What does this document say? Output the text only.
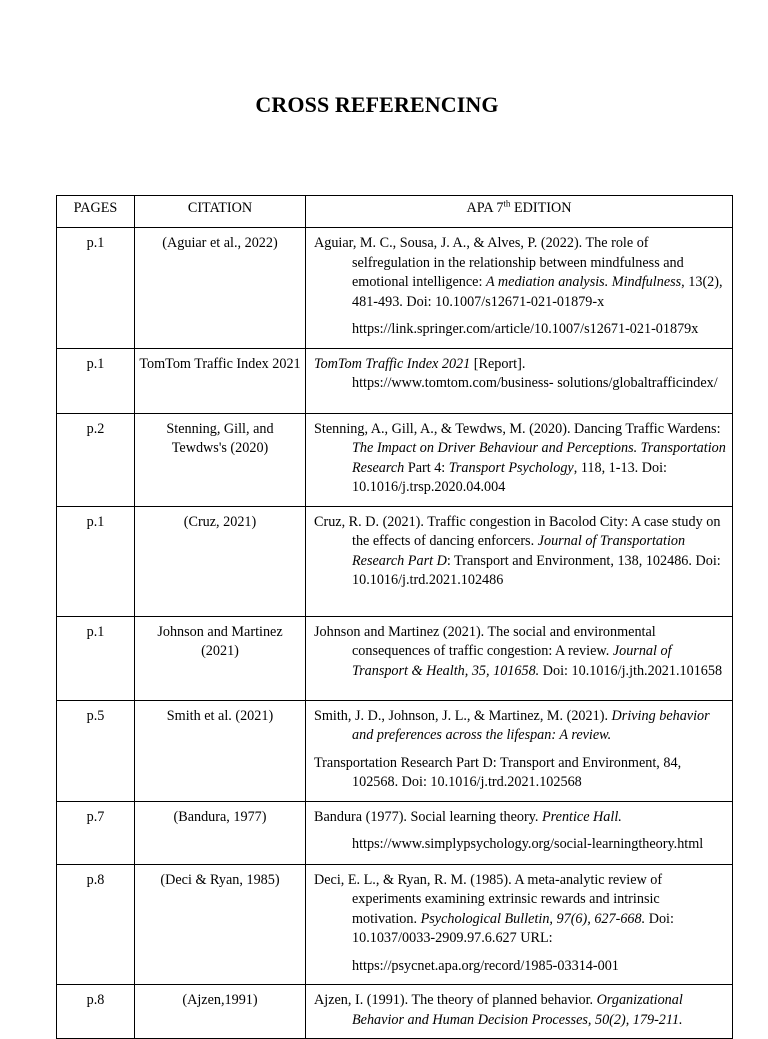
CROSS REFERENCING
PAGES	CITATION	APA 7th EDITION
p.1	(Aguiar et al., 2022)	Aguiar, M. C., Sousa, J. A., & Alves, P. (2022). The role of selfregulation in the relationship between mindfulness and emotional intelligence: A mediation analysis. Mindfulness, 13(2), 481-493. Doi: 10.1007/s12671-021-01879-x

https://link.springer.com/article/10.1007/s12671-021-01879x

p.1	TomTom Traffic Index 2021	TomTom Traffic Index 2021 [Report]. https://www.tomtom.com/business- solutions/globaltrafficindex/

p.2	Stenning, Gill, and Tewdws's (2020)	Stenning, A., Gill, A., & Tewdws, M. (2020). Dancing Traffic Wardens: The Impact on Driver Behaviour and Perceptions. Transportation Research Part 4: Transport Psychology, 118, 1-13. Doi: 10.1016/j.trsp.2020.04.004

p.1	(Cruz, 2021)	Cruz, R. D. (2021). Traffic congestion in Bacolod City: A case study on the effects of dancing enforcers. Journal of Transportation Research Part D: Transport and Environment, 138, 102486. Doi: 10.1016/j.trd.2021.102486

p.1	Johnson and Martinez (2021)	Johnson and Martinez (2021). The social and environmental consequences of traffic congestion: A review. Journal of Transport & Health, 35, 101658. Doi: 10.1016/j.jth.2021.101658

p.5	Smith et al. (2021)	Smith, J. D., Johnson, J. L., & Martinez, M. (2021). Driving behavior and preferences across the lifespan: A review.

Transportation Research Part D: Transport and Environment, 84, 102568. Doi: 10.1016/j.trd.2021.102568

p.7	(Bandura, 1977)	Bandura (1977). Social learning theory. Prentice Hall.

https://www.simplypsychology.org/social-learningtheory.html

p.8	(Deci & Ryan, 1985)	Deci, E. L., & Ryan, R. M. (1985). A meta-analytic review of experiments examining extrinsic rewards and intrinsic motivation. Psychological Bulletin, 97(6), 627-668. Doi: 10.1037/0033-2909.97.6.627 URL:

https://psycnet.apa.org/record/1985-03314-001

p.8	(Ajzen,1991)	Ajzen, I. (1991). The theory of planned behavior. Organizational Behavior and Human Decision Processes, 50(2), 179-211.
